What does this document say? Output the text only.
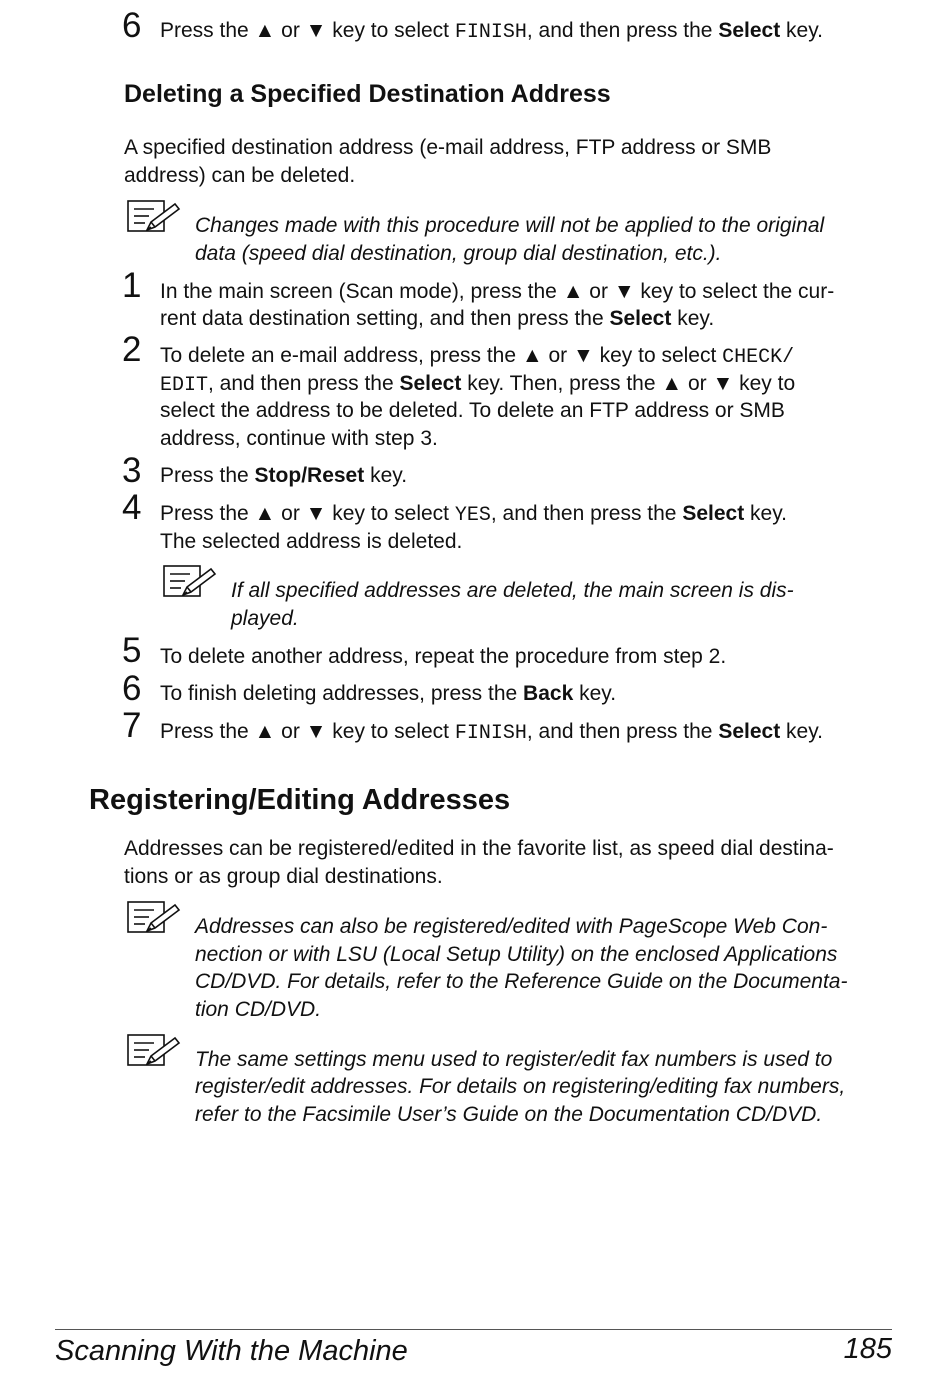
6 Press the ▲ or ▼ key to select FINISH, and then press the Select key.
Deleting a Specified Destination Address
A specified destination address (e-mail address, FTP address or SMB
address) can be deleted.
Changes made with this procedure will not be applied to the original
data (speed dial destination, group dial destination, etc.).
1 In the main screen (Scan mode), press the ▲ or ▼ key to select the cur-
rent data destination setting, and then press the Select key.
2 To delete an e-mail address, press the ▲ or ▼ key to select CHECK/
EDIT, and then press the Select key. Then, press the ▲ or ▼ key to
select the address to be deleted. To delete an FTP address or SMB
address, continue with step 3.
3 Press the Stop/Reset key.
4 Press the ▲ or ▼ key to select YES, and then press the Select key.
The selected address is deleted.
If all specified addresses are deleted, the main screen is dis-
played.
5 To delete another address, repeat the procedure from step 2.
6 To finish deleting addresses, press the Back key.
7 Press the ▲ or ▼ key to select FINISH, and then press the Select key.
Registering/Editing Addresses
Addresses can be registered/edited in the favorite list, as speed dial destina-
tions or as group dial destinations.
Addresses can also be registered/edited with PageScope Web Con-
nection or with LSU (Local Setup Utility) on the enclosed Applications
CD/DVD. For details, refer to the Reference Guide on the Documenta-
tion CD/DVD.
The same settings menu used to register/edit fax numbers is used to
register/edit addresses. For details on registering/editing fax numbers,
refer to the Facsimile User’s Guide on the Documentation CD/DVD.
Scanning With the Machine	185
